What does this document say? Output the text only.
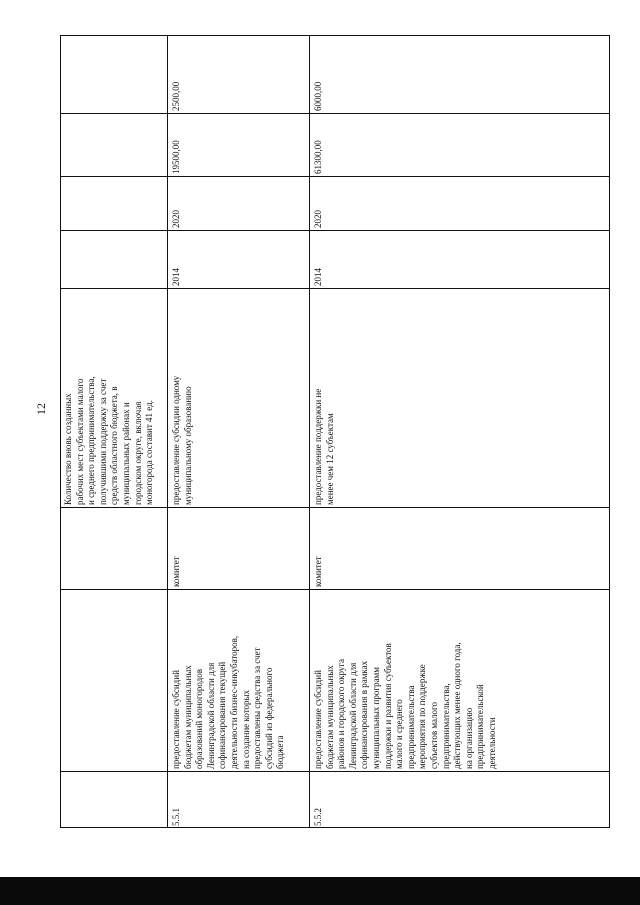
12 Количество вновь созданных рабочих мест субъектами малого и среднего предпринимательства, получившими поддержку за счет средств областного бюджета, в муниципальных районах и городском округе, включая моногорода составит 41 ед.
2500,00
5.5.1
предоставление субсидий бюджетам муниципальных образований моногородов Ленинградской области для софинансирования текущей деятельности бизнес-инкубаторов, на создание которых предоставлены средства за счет субсидий из федерального бюджета
комитет
предоставление субсидии одному муниципальному образованию
2014
2020
19500,00
6000,00
5.5.2
предоставление субсидий бюджетам муниципальных районов и городского округа Ленинградской области для софинансирования в рамках муниципальных программ поддержки и развития субъектов малого и среднего предпринимательства мероприятия по поддержке субъектов малого предпринимательства, действующих менее одного года, на организацию предпринимательской деятельности
комитет
предоставление поддержки не менее чем 12 субъектам
2014
2020
61300,00
